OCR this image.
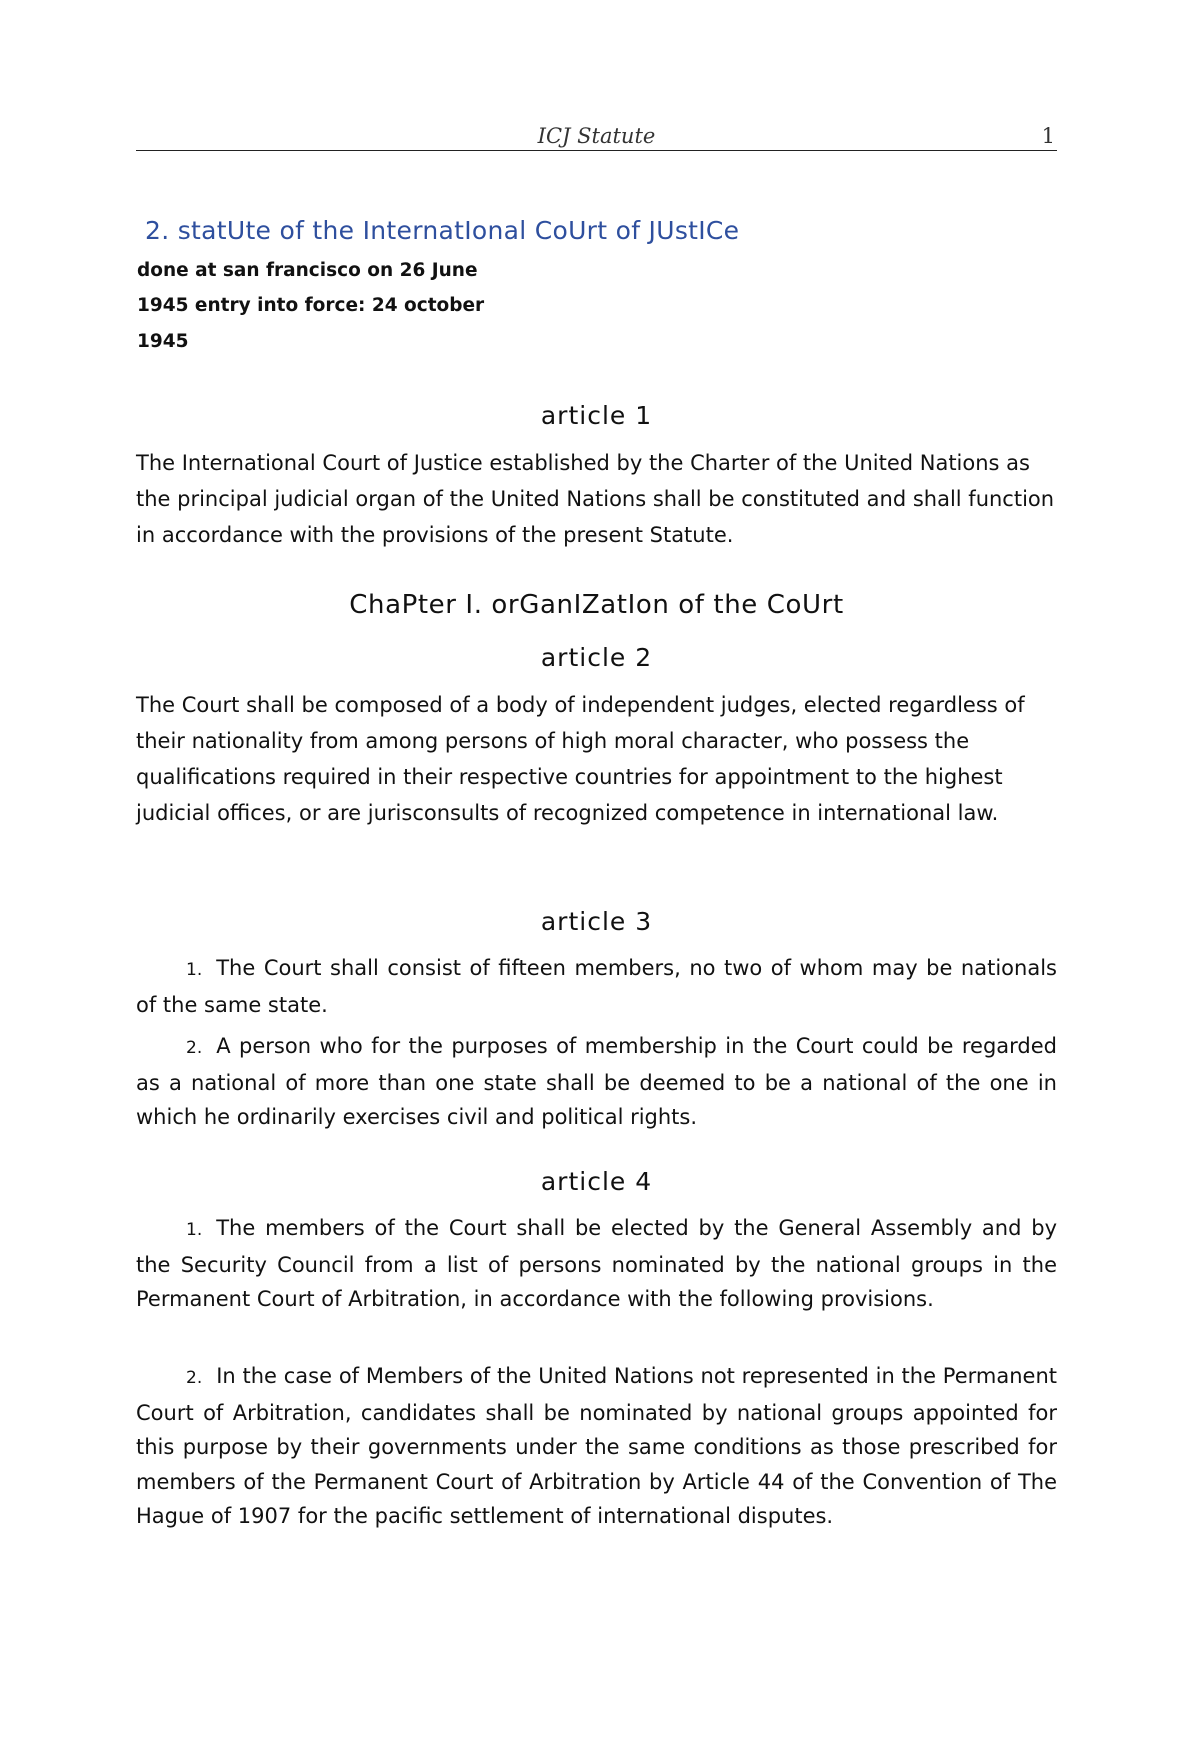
ICJ Statute	1
2. statUte of the InternatIonal CoUrt of JUstICe
done at san francisco on 26 June
1945 entry into force: 24 october
1945
article 1

The International Court of Justice established by the Charter of the United Nations as the principal judicial organ of the United Nations shall be constituted and shall function in accordance with the provisions of the present Statute.

ChaPter I. orGanIZatIon of the CoUrt
article 2

The Court shall be composed of a body of independent judges, elected regardless of their nationality from among persons of high moral character, who possess the qualifications required in their respective countries for appointment to the highest judicial offices, or are jurisconsults of recognized competence in international law.

article 3

1. The Court shall consist of fifteen members, no two of whom may be nationals of the same state.

2. A person who for the purposes of membership in the Court could be regarded as a national of more than one state shall be deemed to be a national of the one in which he ordinarily exercises civil and political rights.

article 4

1. The members of the Court shall be elected by the General Assembly and by the Security Council from a list of persons nominated by the national groups in the Permanent Court of Arbitration, in accordance with the following provisions.

2. In the case of Members of the United Nations not represented in the Permanent Court of Arbitration, candidates shall be nominated by national groups appointed for this purpose by their governments under the same conditions as those prescribed for members of the Permanent Court of Arbitration by Article 44 of the Convention of The Hague of 1907 for the pacific settlement of international disputes.
